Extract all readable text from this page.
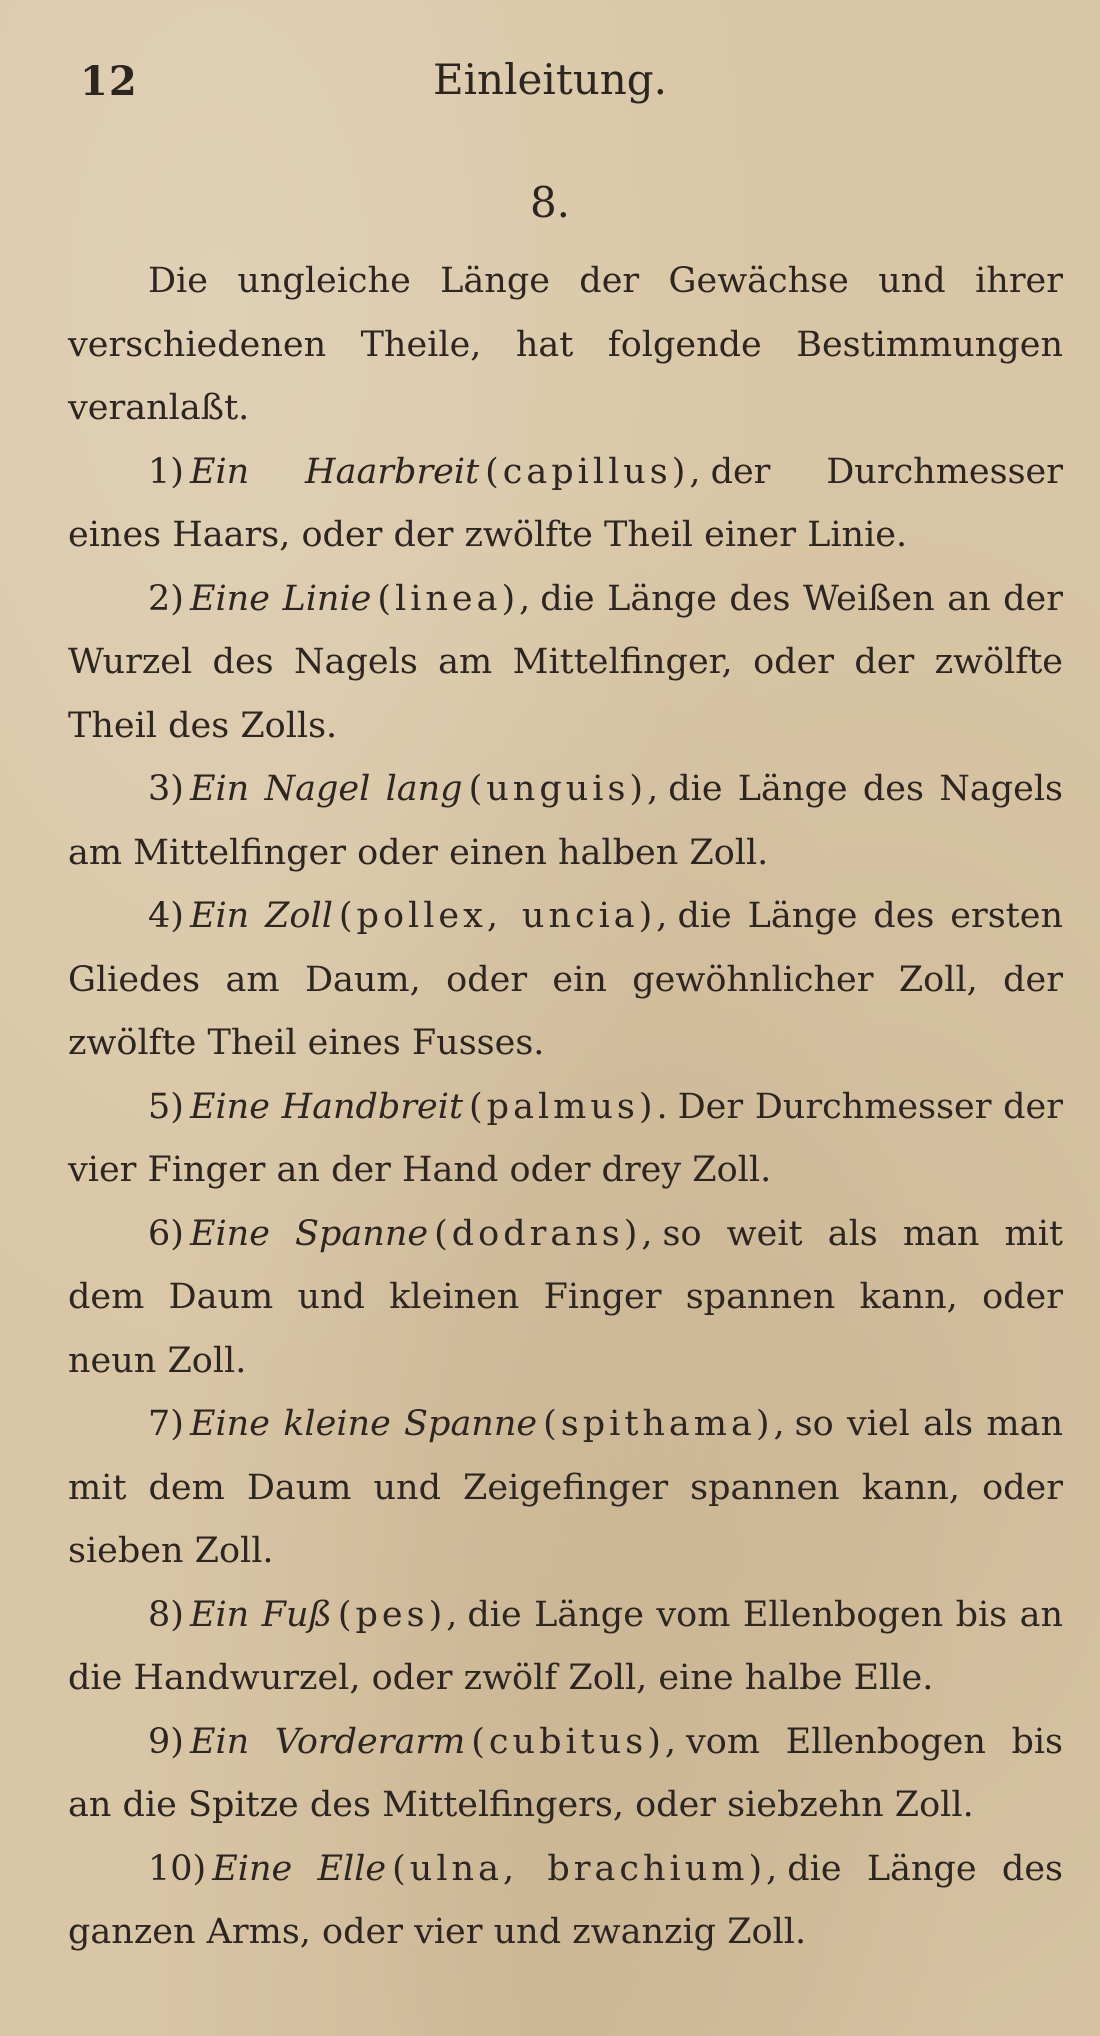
12	Einleitung.
8.

Die ungleiche Länge der Gewächse und ihrer verschiedenen Theile, hat folgende Bestimmungen veranlaßt.

1) Ein Haarbreit (capillus), der Durchmesser eines Haars, oder der zwölfte Theil einer Linie.

2) Eine Linie (linea), die Länge des Weißen an der Wurzel des Nagels am Mittelfinger, oder der zwölfte Theil des Zolls.

3) Ein Nagel lang (unguis), die Länge des Nagels am Mittelfinger oder einen halben Zoll.

4) Ein Zoll (pollex, uncia), die Länge des ersten Gliedes am Daum, oder ein gewöhnlicher Zoll, der zwölfte Theil eines Fusses.

5) Eine Handbreit (palmus). Der Durchmesser der vier Finger an der Hand oder drey Zoll.

6) Eine Spanne (dodrans), so weit als man mit dem Daum und kleinen Finger spannen kann, oder neun Zoll.

7) Eine kleine Spanne (spithama), so viel als man mit dem Daum und Zeigefinger spannen kann, oder sieben Zoll.

8) Ein Fuß (pes), die Länge vom Ellenbogen bis an die Handwurzel, oder zwölf Zoll, eine halbe Elle.

9) Ein Vorderarm (cubitus), vom Ellenbogen bis an die Spitze des Mittelfingers, oder siebzehn Zoll.

10) Eine Elle (ulna, brachium), die Länge des ganzen Arms, oder vier und zwanzig Zoll.
